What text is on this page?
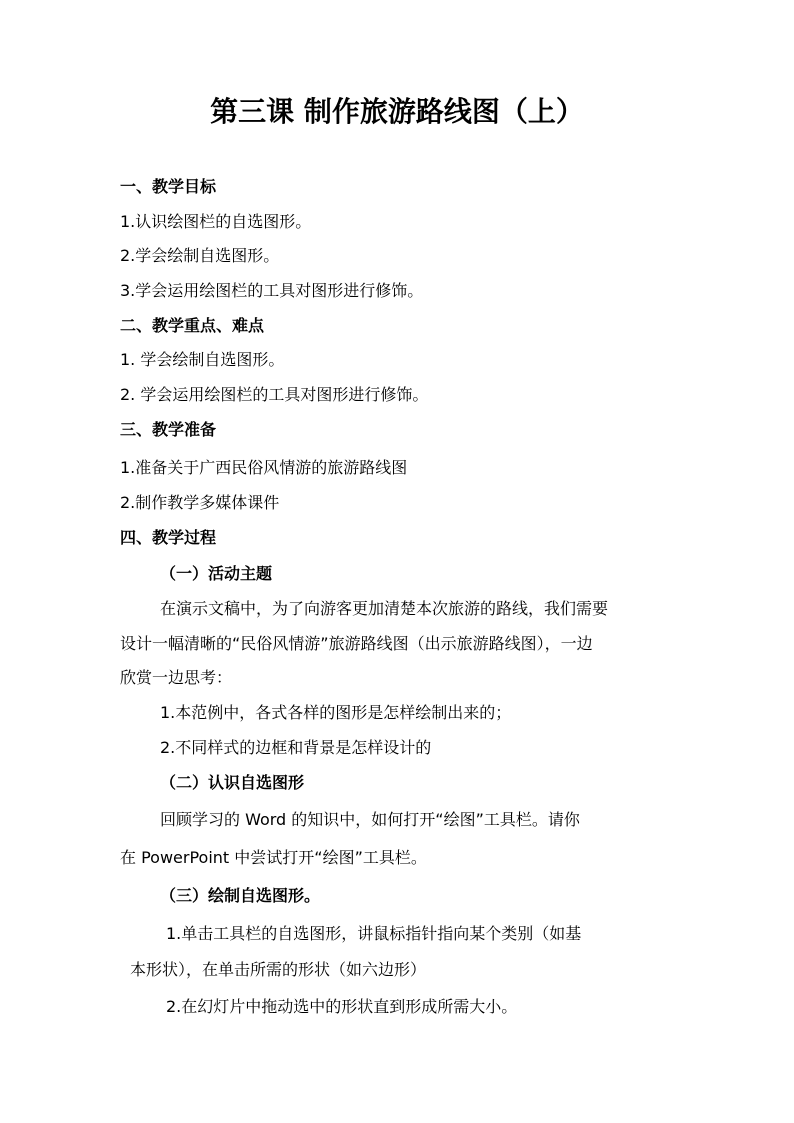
第三课 制作旅游路线图（上）
一、教学目标
1.认识绘图栏的自选图形。
2.学会绘制自选图形。
3.学会运用绘图栏的工具对图形进行修饰。
二、教学重点、难点
1. 学会绘制自选图形。
2. 学会运用绘图栏的工具对图形进行修饰。
三、教学准备
1.准备关于广西民俗风情游的旅游路线图
2.制作教学多媒体课件
四、教学过程
（一）活动主题
在演示文稿中，为了向游客更加清楚本次旅游的路线，我们需要
设计一幅清晰的“民俗风情游”旅游路线图（出示旅游路线图），一边
欣赏一边思考：
1.本范例中，各式各样的图形是怎样绘制出来的；
2.不同样式的边框和背景是怎样设计的
（二）认识自选图形
回顾学习的 Word 的知识中，如何打开“绘图”工具栏。请你
在 PowerPoint 中尝试打开“绘图”工具栏。
（三）绘制自选图形。
1.单击工具栏的自选图形，讲鼠标指针指向某个类别（如基
本形状），在单击所需的形状（如六边形）
2.在幻灯片中拖动选中的形状直到形成所需大小。
